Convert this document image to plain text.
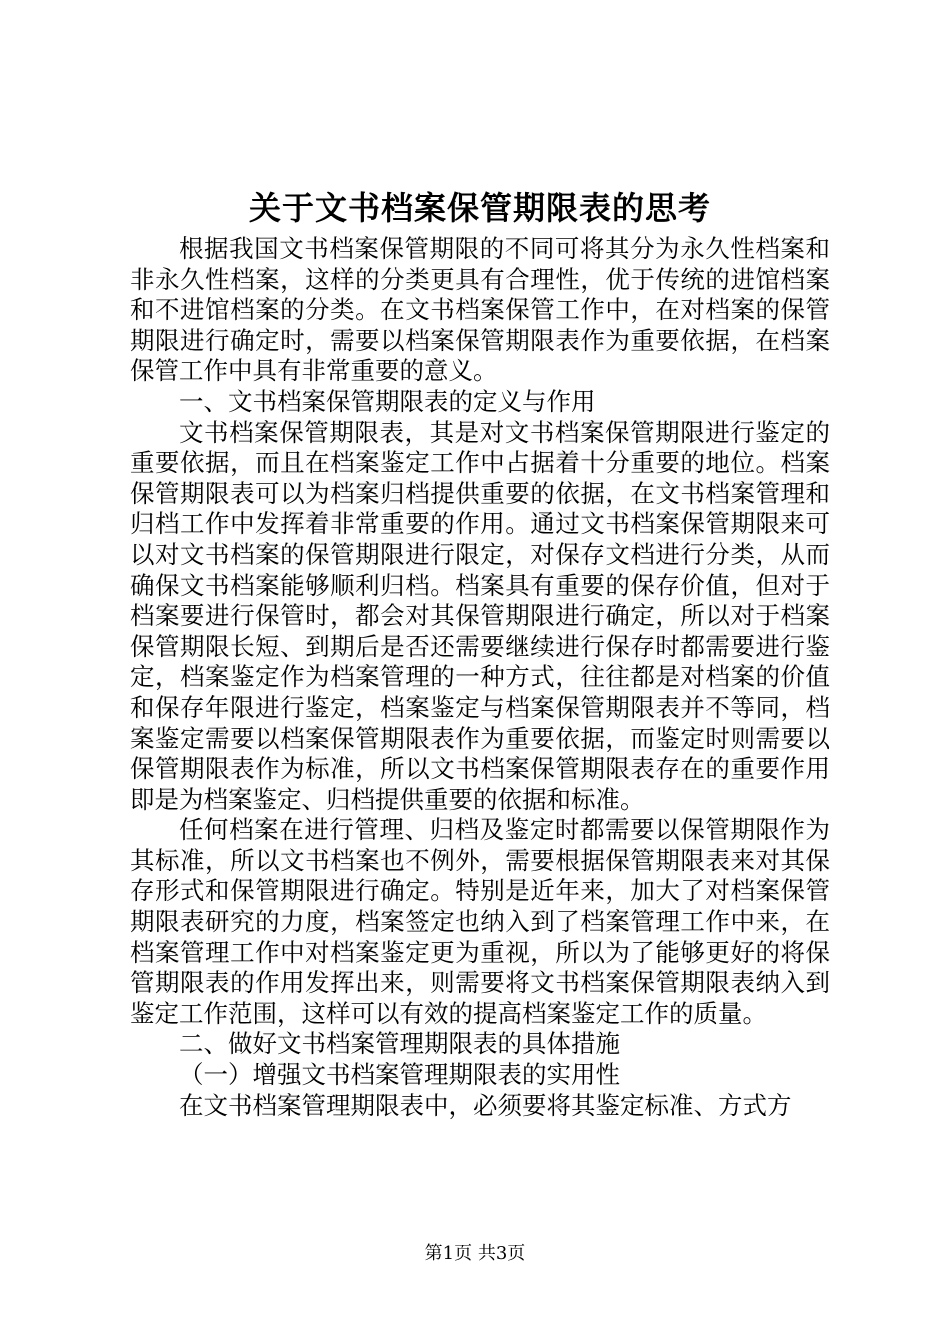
关于文书档案保管期限表的思考

根据我国文书档案保管期限的不同可将其分为永久性档案和非永久性档案，这样的分类更具有合理性，优于传统的进馆档案和不进馆档案的分类。在文书档案保管工作中，在对档案的保管期限进行确定时，需要以档案保管期限表作为重要依据，在档案保管工作中具有非常重要的意义。

一、文书档案保管期限表的定义与作用

文书档案保管期限表，其是对文书档案保管期限进行鉴定的重要依据，而且在档案鉴定工作中占据着十分重要的地位。档案保管期限表可以为档案归档提供重要的依据，在文书档案管理和归档工作中发挥着非常重要的作用。通过文书档案保管期限来可以对文书档案的保管期限进行限定，对保存文档进行分类，从而确保文书档案能够顺利归档。档案具有重要的保存价值，但对于档案要进行保管时，都会对其保管期限进行确定，所以对于档案保管期限长短、到期后是否还需要继续进行保存时都需要进行鉴定，档案鉴定作为档案管理的一种方式，往往都是对档案的价值和保存年限进行鉴定，档案鉴定与档案保管期限表并不等同，档案鉴定需要以档案保管期限表作为重要依据，而鉴定时则需要以保管期限表作为标准，所以文书档案保管期限表存在的重要作用即是为档案鉴定、归档提供重要的依据和标准。

任何档案在进行管理、归档及鉴定时都需要以保管期限作为其标准，所以文书档案也不例外，需要根据保管期限表来对其保存形式和保管期限进行确定。特别是近年来，加大了对档案保管期限表研究的力度，档案签定也纳入到了档案管理工作中来，在档案管理工作中对档案鉴定更为重视，所以为了能够更好的将保管期限表的作用发挥出来，则需要将文书档案保管期限表纳入到鉴定工作范围，这样可以有效的提高档案鉴定工作的质量。

二、做好文书档案管理期限表的具体措施

（一）增强文书档案管理期限表的实用性

在文书档案管理期限表中，必须要将其鉴定标准、方式方

第1页 共3页
